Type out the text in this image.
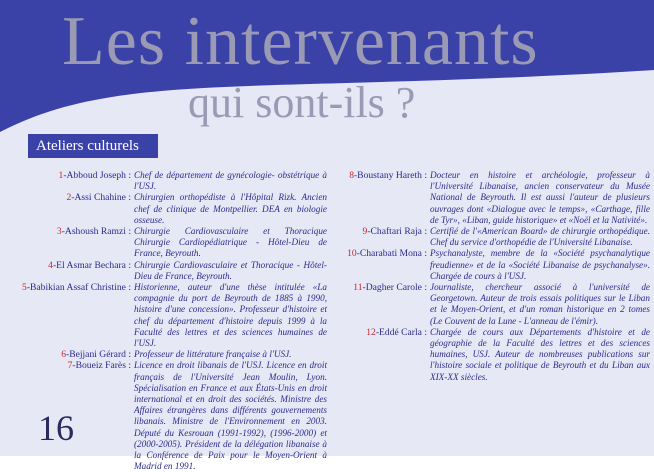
Les intervenants
qui sont-ils ?
Ateliers culturels
1-Abboud Joseph : Chef de département de gynécologie- obstétrique à l'USJ.
2-Assi Chahine : Chirurgien orthopédiste à l'Hôpital Rizk. Ancien chef de clinique de Montpellier. DEA en biologie osseuse.
3-Ashoush Ramzi : Chirurgie Cardiovasculaire et Thoracique Chirurgie Cardiopédiatrique - Hôtel-Dieu de France, Beyrouth.
4-El Asmar Bechara : Chirurgie Cardiovasculaire et Thoracique - Hôtel-Dieu de France, Beyrouth.
5-Babikian Assaf Christine : Historienne, auteur d'une thèse intitulée «La compagnie du port de Beyrouth de 1885 à 1990, histoire d'une concession». Professeur d'histoire et chef du département d'histoire depuis 1999 à la Faculté des lettres et des sciences humaines de l'USJ.
6-Bejjani Gérard : Professeur de littérature française à l'USJ.
7-Boueiz Farès : Licence en droit libanais de l'USJ. Licence en droit français de l'Université Jean Moulin, Lyon. Spécialisation en France et aux États-Unis en droit international et en droit des sociétés. Ministre des Affaires étrangères dans différents gouvernements libanais. Ministre de l'Environnement en 2003. Député du Kesrouan (1991-1992), (1996-2000) et (2000-2005). Président de la délégation libanaise à la Conférence de Paix pour le Moyen-Orient à Madrid en 1991.
8-Boustany Hareth : Docteur en histoire et archéologie, professeur à l'Université Libanaise, ancien conservateur du Musée National de Beyrouth. Il est aussi l'auteur de plusieurs ouvrages dont «Dialogue avec le temps», «Carthage, fille de Tyr», «Liban, guide historique» et «Noël et la Nativité».
9-Chaftari Raja : Certifié de l'«American Board» de chirurgie orthopédique. Chef du service d'orthopédie de l'Université Libanaise.
10-Charabati Mona : Psychanalyste, membre de la «Société psychanalytique freudienne» et de la «Société Libanaise de psychanalyse». Chargée de cours à l'USJ.
11-Dagher Carole : Journaliste, chercheur associé à l'université de Georgetown. Auteur de trois essais politiques sur le Liban et le Moyen-Orient, et d'un roman historique en 2 tomes (Le Couvent de la Lune - L'anneau de l'émir).
12-Eddé Carla : Chargée de cours aux Départements d'histoire et de géographie de la Faculté des lettres et des sciences humaines, USJ. Auteur de nombreuses publications sur l'histoire sociale et politique de Beyrouth et du Liban aux XIX-XX siècles.
16
